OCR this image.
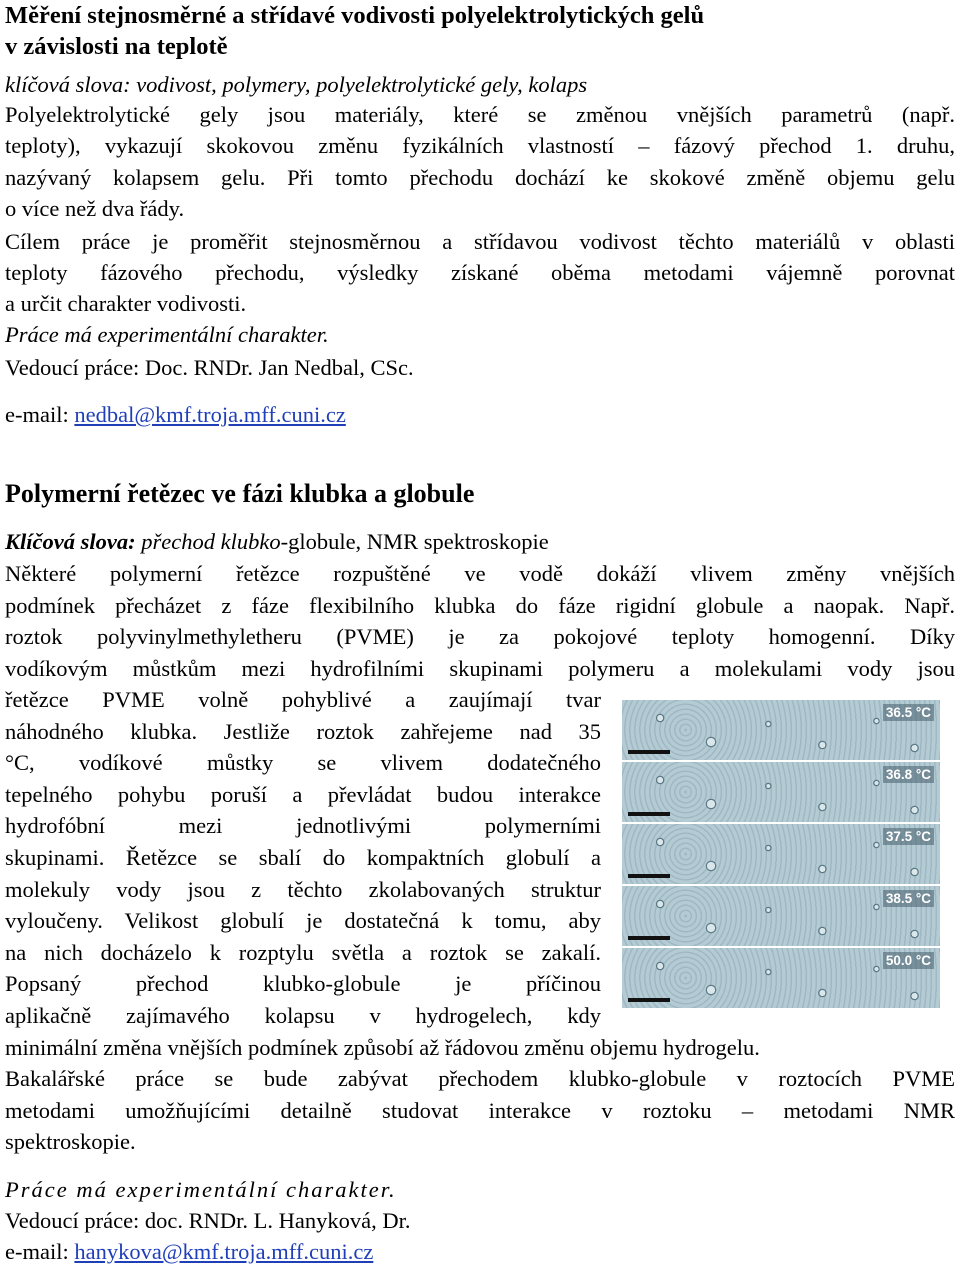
Měření stejnosměrné a střídavé vodivosti polyelektrolytických gelů
v závislosti na teplotě
klíčová slova: vodivost, polymery, polyelektrolytické gely, kolaps
Polyelektrolytické gely jsou materiály, které se změnou vnějších parametrů (např.
teploty), vykazují skokovou změnu fyzikálních vlastností – fázový přechod 1. druhu,
nazývaný kolapsem gelu. Při tomto přechodu dochází ke skokové změně objemu gelu
o více než dva řády.
Cílem práce je proměřit stejnosměrnou a střídavou vodivost těchto materiálů v oblasti
teploty fázového přechodu, výsledky získané oběma metodami vájemně porovnat
a určit charakter vodivosti.
Práce má experimentální charakter.
Vedoucí práce: Doc. RNDr. Jan Nedbal, CSc.
e-mail: nedbal@kmf.troja.mff.cuni.cz
Polymerní řetězec ve fázi klubka a globule
Klíčová slova: přechod klubko-globule, NMR spektroskopie
Některé polymerní řetězce rozpuštěné ve vodě dokáží vlivem změny vnějších
podmínek přecházet z fáze flexibilního klubka do fáze rigidní globule a naopak. Např.
roztok polyvinylmethyletheru (PVME) je za pokojové teploty homogenní. Díky
vodíkovým můstkům mezi hydrofilními skupinami polymeru a molekulami vody jsou
řetězce PVME volně pohyblivé a zaujímají tvar
náhodného klubka. Jestliže roztok zahřejeme nad 35
°C, vodíkové můstky se vlivem dodatečného
tepelného pohybu poruší a převládat budou interakce
hydrofóbní mezi jednotlivými polymerními
skupinami. Řetězce se sbalí do kompaktních globulí a
molekuly vody jsou z těchto zkolabovaných struktur
vyloučeny. Velikost globulí je dostatečná k tomu, aby
na nich docházelo k rozptylu světla a roztok se zakalí.
Popsaný přechod klubko-globule je příčinou
aplikačně zajímavého kolapsu v hydrogelech, kdy
minimální změna vnějších podmínek způsobí až řádovou změnu objemu hydrogelu.
Bakalářské práce se bude zabývat přechodem klubko-globule v roztocích PVME
metodami umožňujícími detailně studovat interakce v roztoku – metodami NMR
spektroskopie.
Práce má experimentální charakter.
Vedoucí práce: doc. RNDr. L. Hanyková, Dr.
e-mail: hanykova@kmf.troja.mff.cuni.cz
36.5 °C
36.8 °C
37.5 °C
38.5 °C
50.0 °C
